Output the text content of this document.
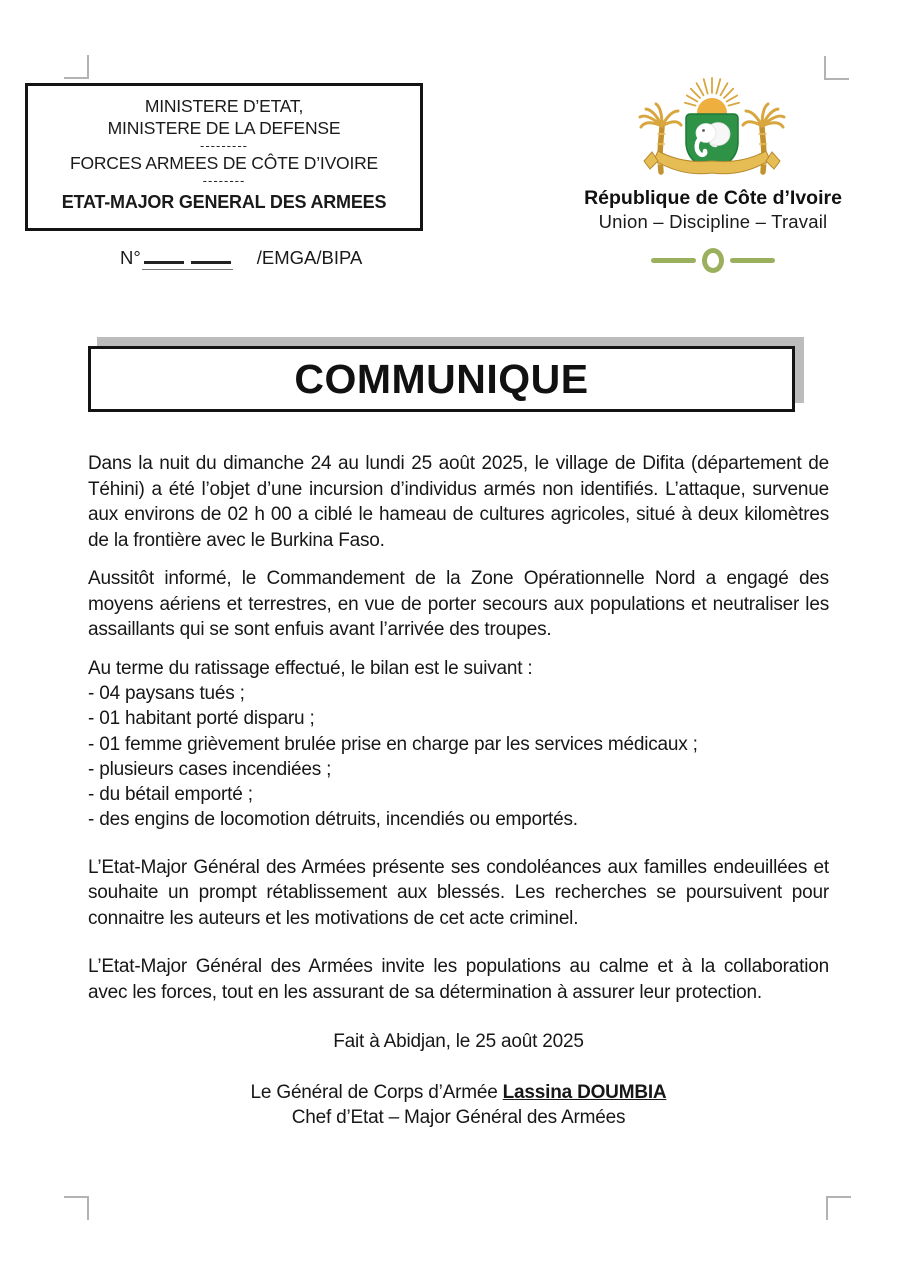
MINISTERE D’ETAT,
MINISTERE DE LA DEFENSE
---------
FORCES ARMEES DE CÔTE D’IVOIRE
--------
ETAT-MAJOR GENERAL DES ARMEES
N°	/EMGA/BIPA
République de Côte d’Ivoire
Union – Discipline – Travail
COMMUNIQUE

Dans la nuit du dimanche 24 au lundi 25 août 2025, le village de Difita (département de Téhini) a été l’objet d’une incursion d’individus armés non identifiés. L’attaque, survenue aux environs de 02 h 00 a ciblé le hameau de cultures agricoles, situé à deux kilomètres de la frontière avec le Burkina Faso.

Aussitôt informé, le Commandement de la Zone Opérationnelle Nord a engagé des moyens aériens et terrestres, en vue de porter secours aux populations et neutraliser les assaillants qui se sont enfuis avant l’arrivée des troupes.

Au terme du ratissage effectué, le bilan est le suivant :

- 04 paysans tués ;
- 01 habitant porté disparu ;
- 01 femme grièvement brulée prise en charge par les services médicaux ;
- plusieurs cases incendiées ;
- du bétail emporté ;
- des engins de locomotion détruits, incendiés ou emportés.

L’Etat-Major Général des Armées présente ses condoléances aux familles endeuillées et souhaite un prompt rétablissement aux blessés. Les recherches se poursuivent pour connaitre les auteurs et les motivations de cet acte criminel.

L’Etat-Major Général des Armées invite les populations au calme et à la collaboration avec les forces, tout en les assurant de sa détermination à assurer leur protection.

Fait à Abidjan, le 25 août 2025

Le Général de Corps d’Armée Lassina DOUMBIA
Chef d’Etat – Major Général des Armées
